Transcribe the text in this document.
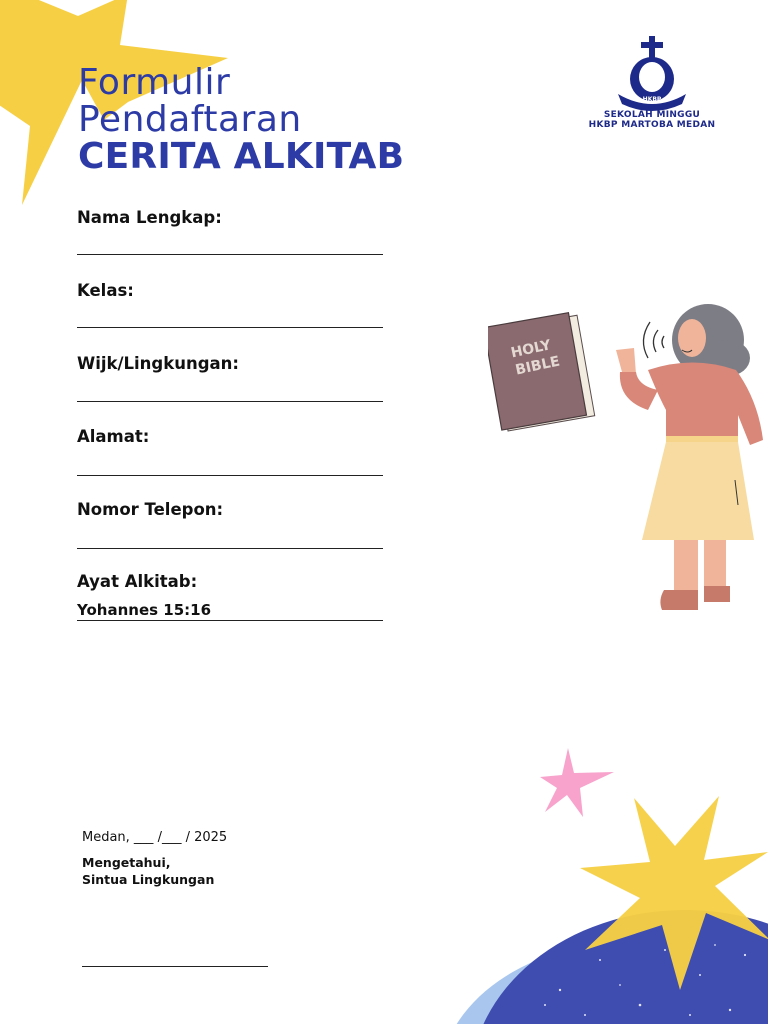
HKBP
SEKOLAH MINGGU
HKBP MARTOBA MEDAN
Formulir
Pendaftaran
CERITA ALKITAB
Nama Lengkap:
Kelas:
Wijk/Lingkungan:
Alamat:
Nomor Telepon:
Ayat Alkitab:
Yohannes 15:16
HOLY
BIBLE
Medan, ___ /___ / 2025
Mengetahui,
Sintua Lingkungan
